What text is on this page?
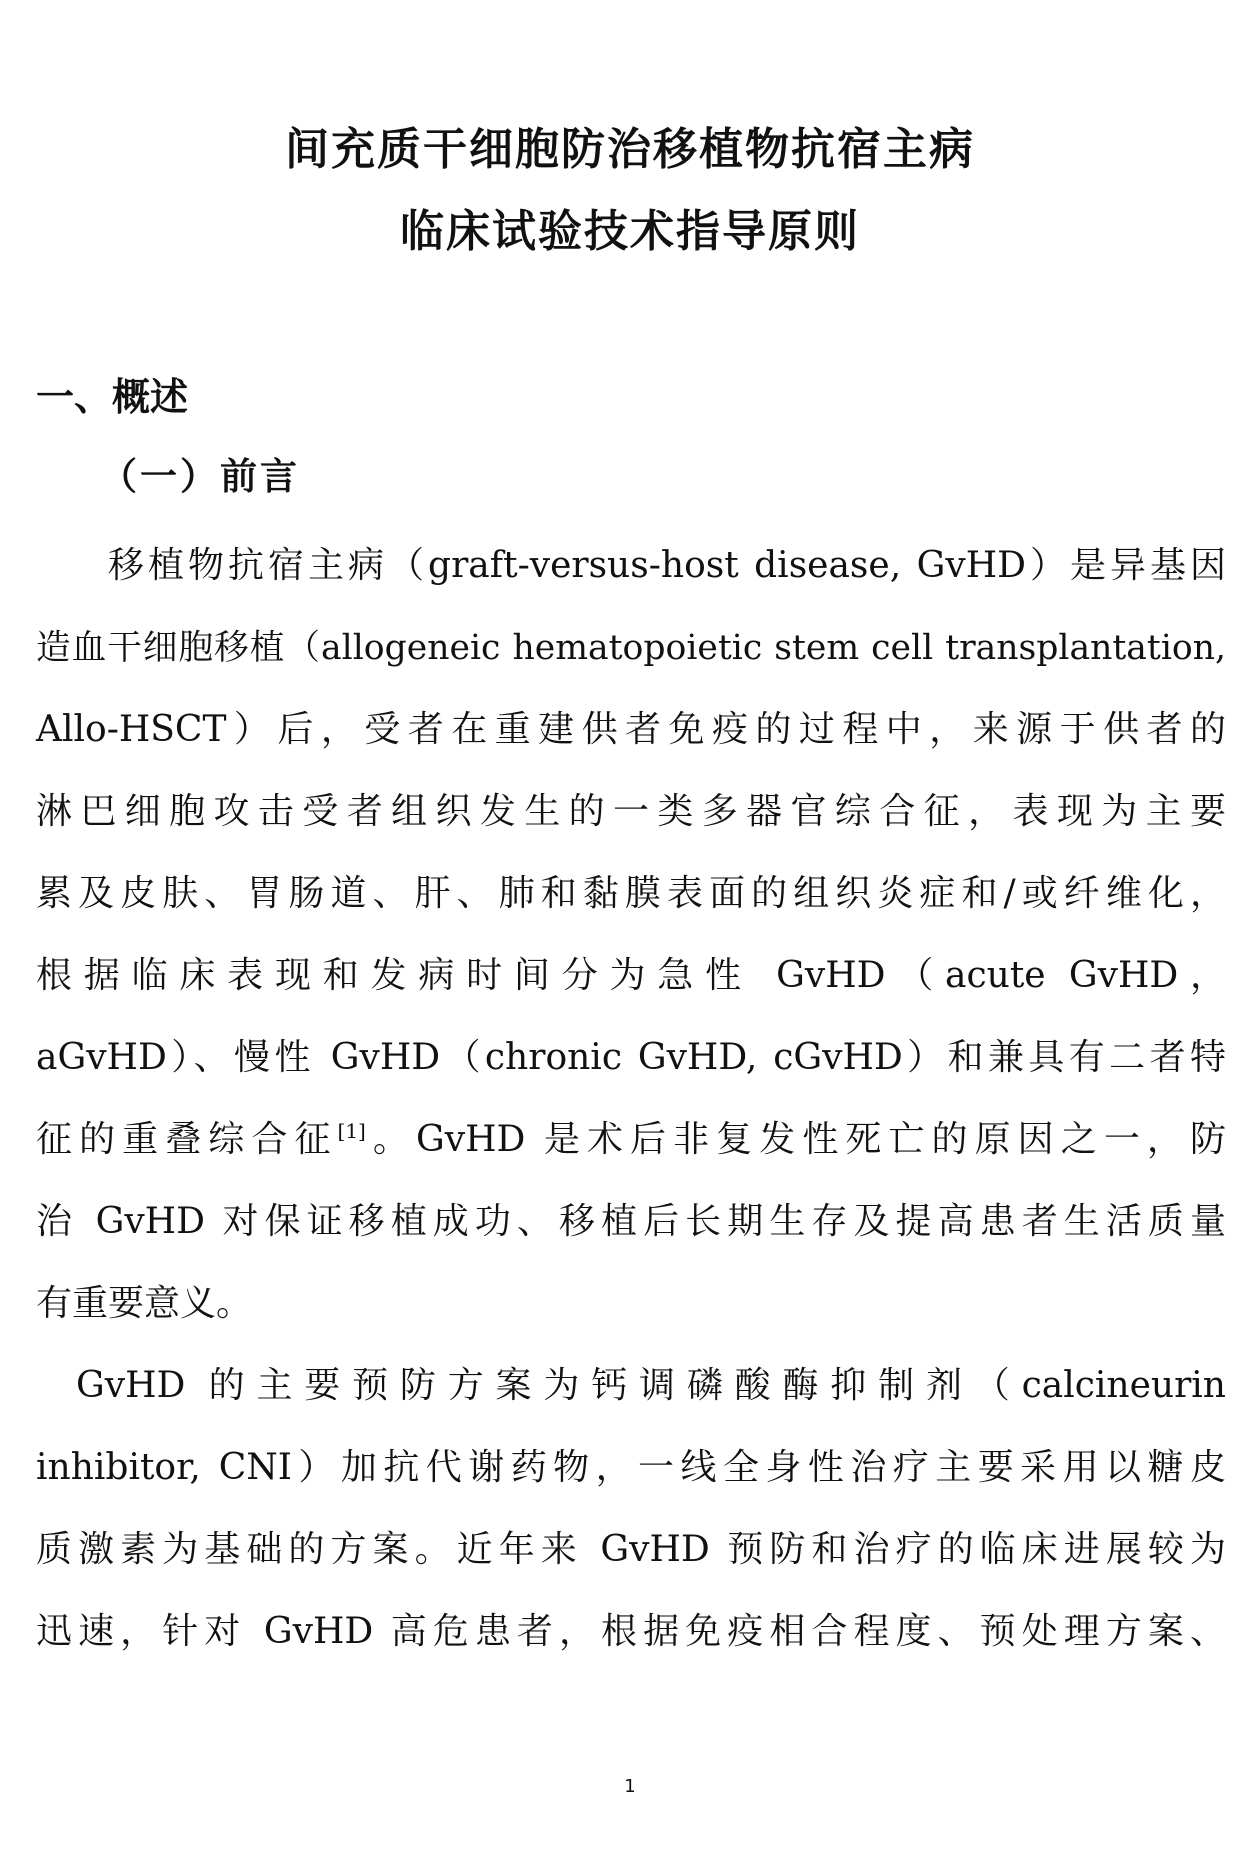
间充质干细胞防治移植物抗宿主病
临床试验技术指导原则
一、概述
（一）前言
移植物抗宿主病（graft-versus-host disease, GvHD）是异基因
造血干细胞移植（allogeneic hematopoietic stem cell transplantation,
Allo-HSCT）后，受者在重建供者免疫的过程中，来源于供者的
淋巴细胞攻击受者组织发生的一类多器官综合征，表现为主要
累及皮肤、胃肠道、肝、肺和黏膜表面的组织炎症和/或纤维化，
根据临床表现和发病时间分为急性 GvHD（acute GvHD，
aGvHD）、慢性 GvHD（chronic GvHD, cGvHD）和兼具有二者特
征的重叠综合征[1]。GvHD 是术后非复发性死亡的原因之一，防
治 GvHD 对保证移植成功、移植后长期生存及提高患者生活质量
有重要意义。
GvHD 的主要预防方案为钙调磷酸酶抑制剂（calcineurin
inhibitor, CNI）加抗代谢药物，一线全身性治疗主要采用以糖皮
质激素为基础的方案。近年来 GvHD 预防和治疗的临床进展较为
迅速，针对 GvHD 高危患者，根据免疫相合程度、预处理方案、
1
